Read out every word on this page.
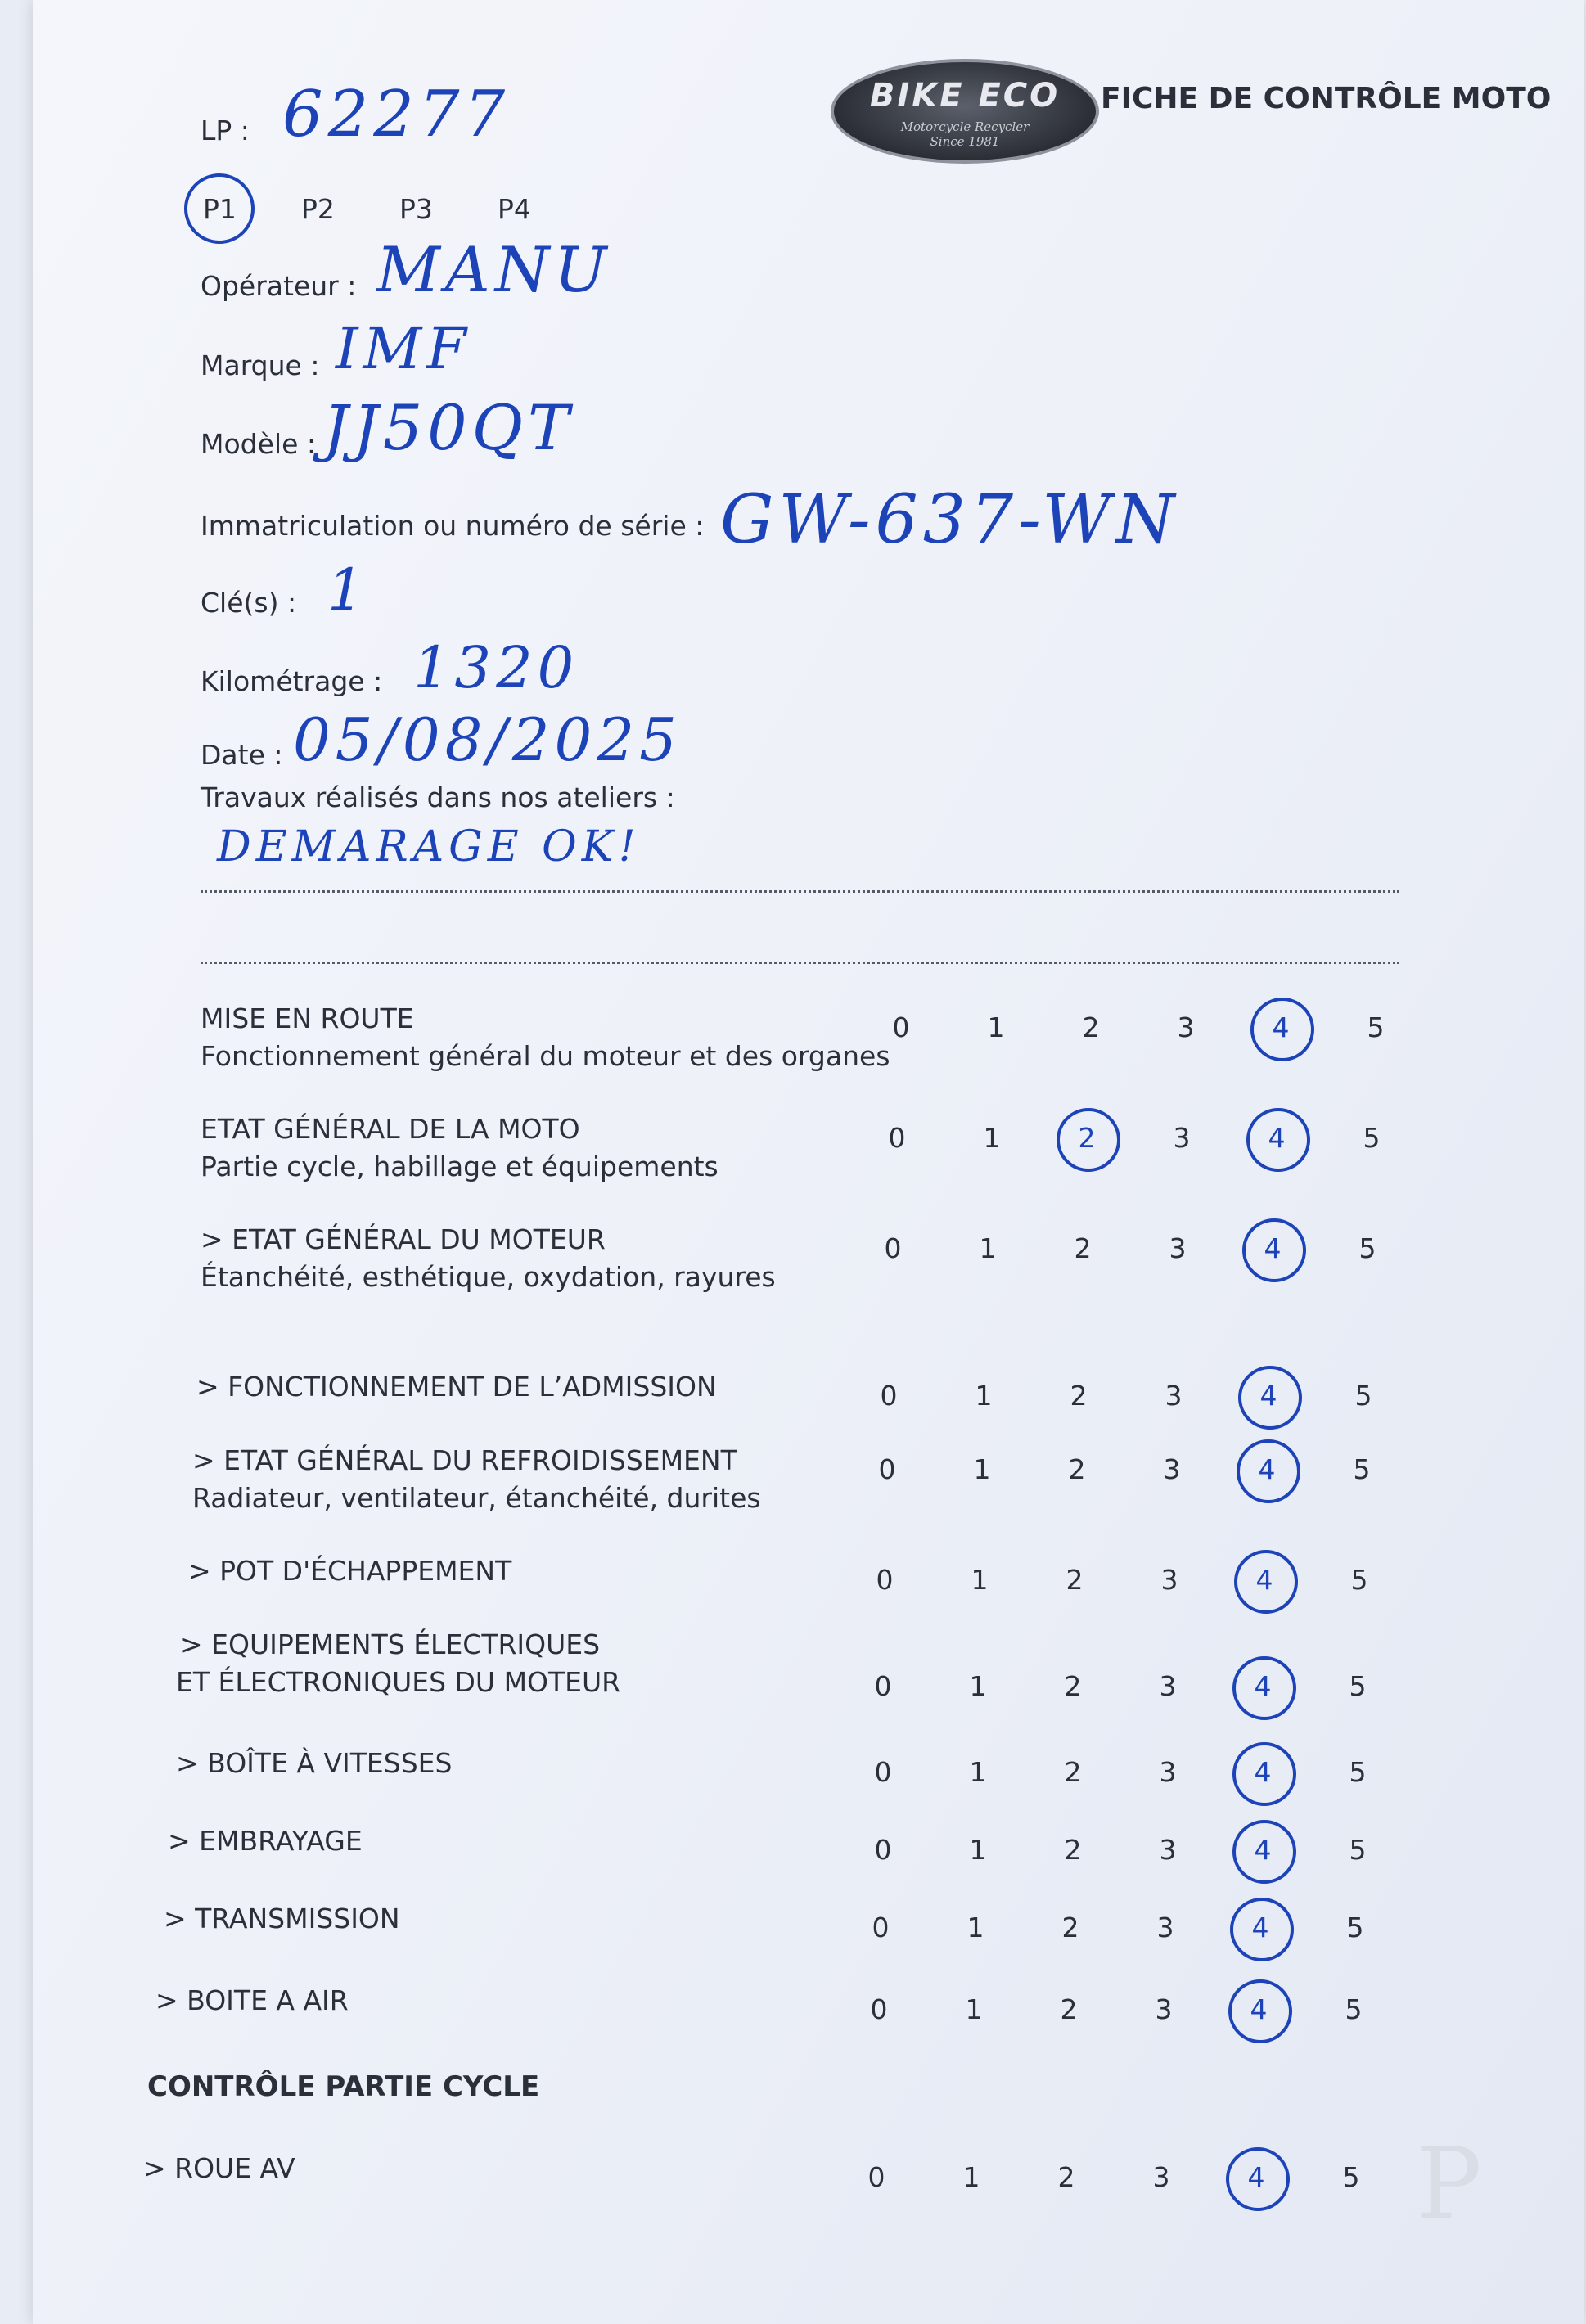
BIKE ECO
Motorcycle Recycler
Since 1981
FICHE DE CONTRÔLE MOTO
LP : 62277
P1 P2 P3 P4
Opérateur : MANU
Marque : IMF
Modèle : JJ50QT
Immatriculation ou numéro de série : GW-637-WN
Clé(s) : 1
Kilométrage : 1320
Date : 05/08/2025
Travaux réalisés dans nos ateliers :
DEMARAGE OK!
MISE EN ROUTE
Fonctionnement général du moteur et des organes
0	1	2	3	4	5
ETAT GÉNÉRAL DE LA MOTO
Partie cycle, habillage et équipements
0	1	2	3	4	5
> ETAT GÉNÉRAL DU MOTEUR
Étanchéité, esthétique, oxydation, rayures
0	1	2	3	4	5
> FONCTIONNEMENT DE L’ADMISSION	0	1	2	3	4	5
> ETAT GÉNÉRAL DU REFROIDISSEMENT
Radiateur, ventilateur, étanchéité, durites
0	1	2	3	4	5
> POT D'ÉCHAPPEMENT	0	1	2	3	4	5
> EQUIPEMENTS ÉLECTRIQUES
ET ÉLECTRONIQUES DU MOTEUR	0	1	2	3	4	5
> BOÎTE À VITESSES	0	1	2	3	4	5
> EMBRAYAGE	0	1	2	3	4	5
> TRANSMISSION	0	1	2	3	4	5
> BOITE A AIR	0	1	2	3	4	5
CONTRÔLE PARTIE CYCLE
> ROUE AV	0	1	2	3	4	5 P
